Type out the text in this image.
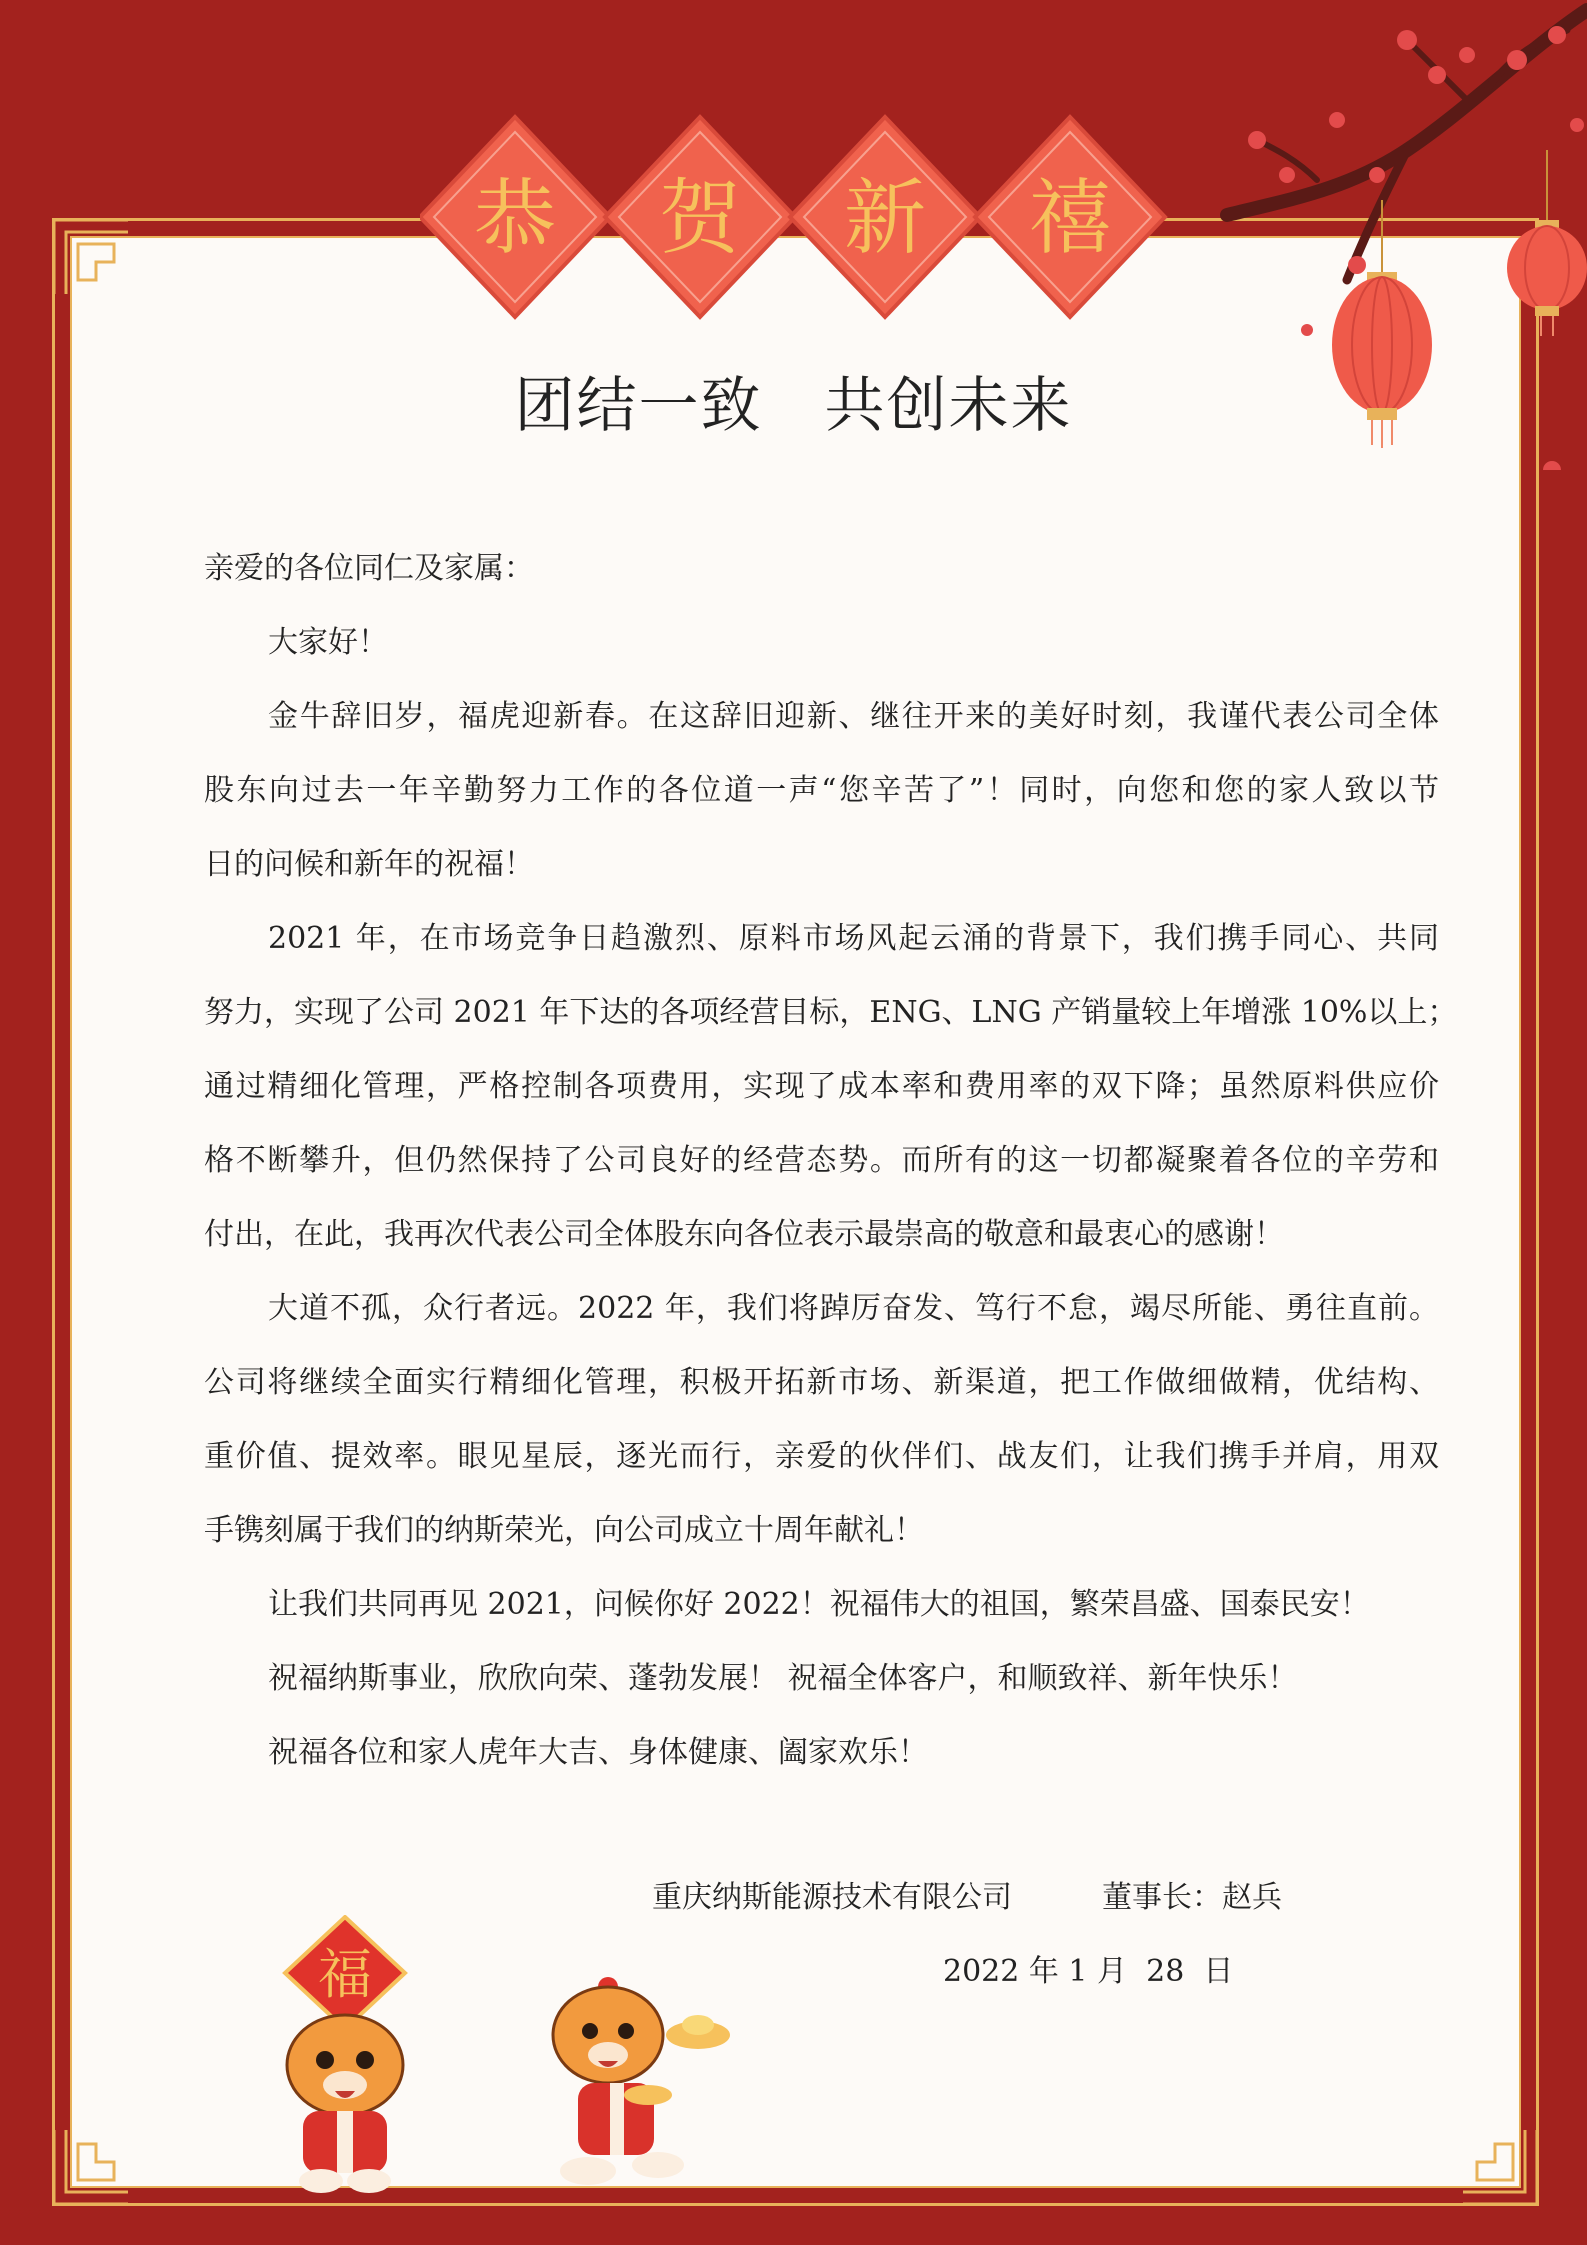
恭 贺 新 禧
团结一致　共创未来
亲爱的各位同仁及家属：
大家好！
金牛辞旧岁，福虎迎新春。在这辞旧迎新、继往开来的美好时刻，我谨代表公司全体
股东向过去一年辛勤努力工作的各位道一声“您辛苦了”！同时，向您和您的家人致以节
日的问候和新年的祝福！
2021 年，在市场竞争日趋激烈、原料市场风起云涌的背景下，我们携手同心、共同
努力，实现了公司 2021 年下达的各项经营目标，ENG、LNG 产销量较上年增涨 10%以上；
通过精细化管理，严格控制各项费用，实现了成本率和费用率的双下降；虽然原料供应价
格不断攀升，但仍然保持了公司良好的经营态势。而所有的这一切都凝聚着各位的辛劳和
付出，在此，我再次代表公司全体股东向各位表示最崇高的敬意和最衷心的感谢！
大道不孤，众行者远。2022 年，我们将踔厉奋发、笃行不怠，竭尽所能、勇往直前。
公司将继续全面实行精细化管理，积极开拓新市场、新渠道，把工作做细做精，优结构、
重价值、提效率。眼见星辰，逐光而行，亲爱的伙伴们、战友们，让我们携手并肩，用双
手镌刻属于我们的纳斯荣光，向公司成立十周年献礼！
让我们共同再见 2021，问候你好 2022！祝福伟大的祖国，繁荣昌盛、国泰民安！
祝福纳斯事业，欣欣向荣、蓬勃发展！ 祝福全体客户，和顺致祥、新年快乐！
祝福各位和家人虎年大吉、身体健康、阖家欢乐！
重庆纳斯能源技术有限公司　　　董事长：赵兵
2022 年 1 月  28  日
福
